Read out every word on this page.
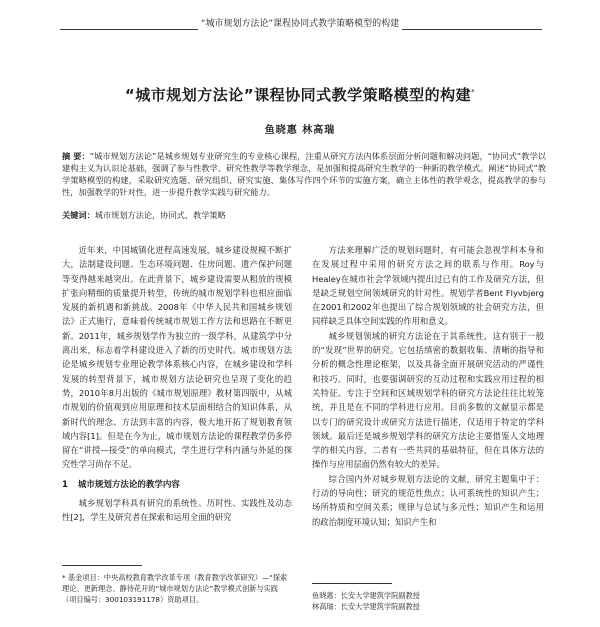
“城市规划方法论”课程协同式教学策略模型的构建
“城市规划方法论”课程协同式教学策略模型的构建*
鱼晓惠 林高瑞
摘 要：“城市规划方法论”是城乡规划专业研究生的专业核心课程，注重从研究方法内体系层面分析问题和解决问题，“协同式”教学以建构主义为认识论基础，强调了参与性教学、研究性教学等教学理念，是加强和提高研究生教学的一种新的教学模式。阐述“协同式”教学策略模型的构建，采取研究选题、研究组织、研究实施、集体写作四个环节的实施方案，确立主体性的教学观念，提高教学的参与性，加强教学的针对性，进一步提升教学实践与研究能力。
关键词：城市规划方法论，协同式，教学策略

近年来，中国城镇化进程高速发展，城乡建设规模不断扩大，法制建设问题、生态环境问题、住房问题、遗产保护问题等变得越来越突出。在此背景下，城乡建设需要从粗放的规模扩张向精细的质量提升转型，传统的城市规划学科也相应面临发展的新机遇和新挑战。2008年《中华人民共和国城乡规划法》正式施行，意味着传统城市规划工作方法和思路在不断更新。2011年，城乡规划学作为独立的一级学科，从建筑学中分离出来，标志着学科建设进入了新的历史时代。城市规划方法论是城乡规划专业理论教学体系核心内容，在城乡建设和学科发展的转型背景下，城市规划方法论研究也呈现了变化的趋势，2010年8月出版的《城市规划原理》教材第四版中，从城市规划的价值观到应用原理和技术层面相结合的知识体系，从新时代的理念、方法到丰富的内容，极大地开拓了规划教育领域内容[1]。但是在今为止，城市规划方法论的课程教学仍多停留在“讲授—接受”的单向模式，学生进行学科内涵与外延的探究性学习尚存不足。

1 城市规划方法论的教学内容

城乡规划学科具有研究的系统性、历时性、实践性及动态性[2]，学生及研究者在探索和运用全面的研究

方法来理解广泛的规划问题时，有可能会忽视学科本身和在发展过程中采用的研究方法之间的联系与作用。Roy与Healey在城市社会学领域内提出过已有的工作及研究方法，但是缺乏规划空间领域研究的针对性。规划学者Bent Flyvbjerg在2001和2002年也提出了综合规划领域的社会研究方法，但同样缺乏具体空间实践的作用和意义。

城乡规划领域的研究方法论在于其系统性，这有别于一般的“发现”世界的研究。它包括缜密的数据收集、清晰的指导和分析的概念性理论框架，以及具备全面开展研究活动的严谨性和技巧。同时，也要强调研究的互动过程和实践应用过程的相关特征。专注于空间和区域规划学科的研究方法论往往比较笼统，并且是在不同的学科进行应用。目前多数的文献显示都是以专门的研究设计或研究方法进行描述，仅适用于特定的学科领域。最后还是城乡规划学科的研究方法论主要借鉴人文地理学的相关内容，二者有一些共同的基础特征，但在具体方法的操作与应用层面仍然有较大的差异。

综合国内外对城乡规划方法论的文献，研究主题集中于：行动的导向性；研究的规范性焦点；认可系统性的知识产生；场所特质和空间关系；规律与总试与多元性；知识产生和运用的政治制度环境认知；知识产生和

* 基金项目：中央高校教育教学改革专项（教育教学改革研究）—“探索理论、更新理念、静待花开的“城市规划方法论”教学模式创新与实践（项目编号：300103191178）资助项目。	鱼晓惠：长安大学建筑学院副教授
林高瑞：长安大学建筑学院副教授
